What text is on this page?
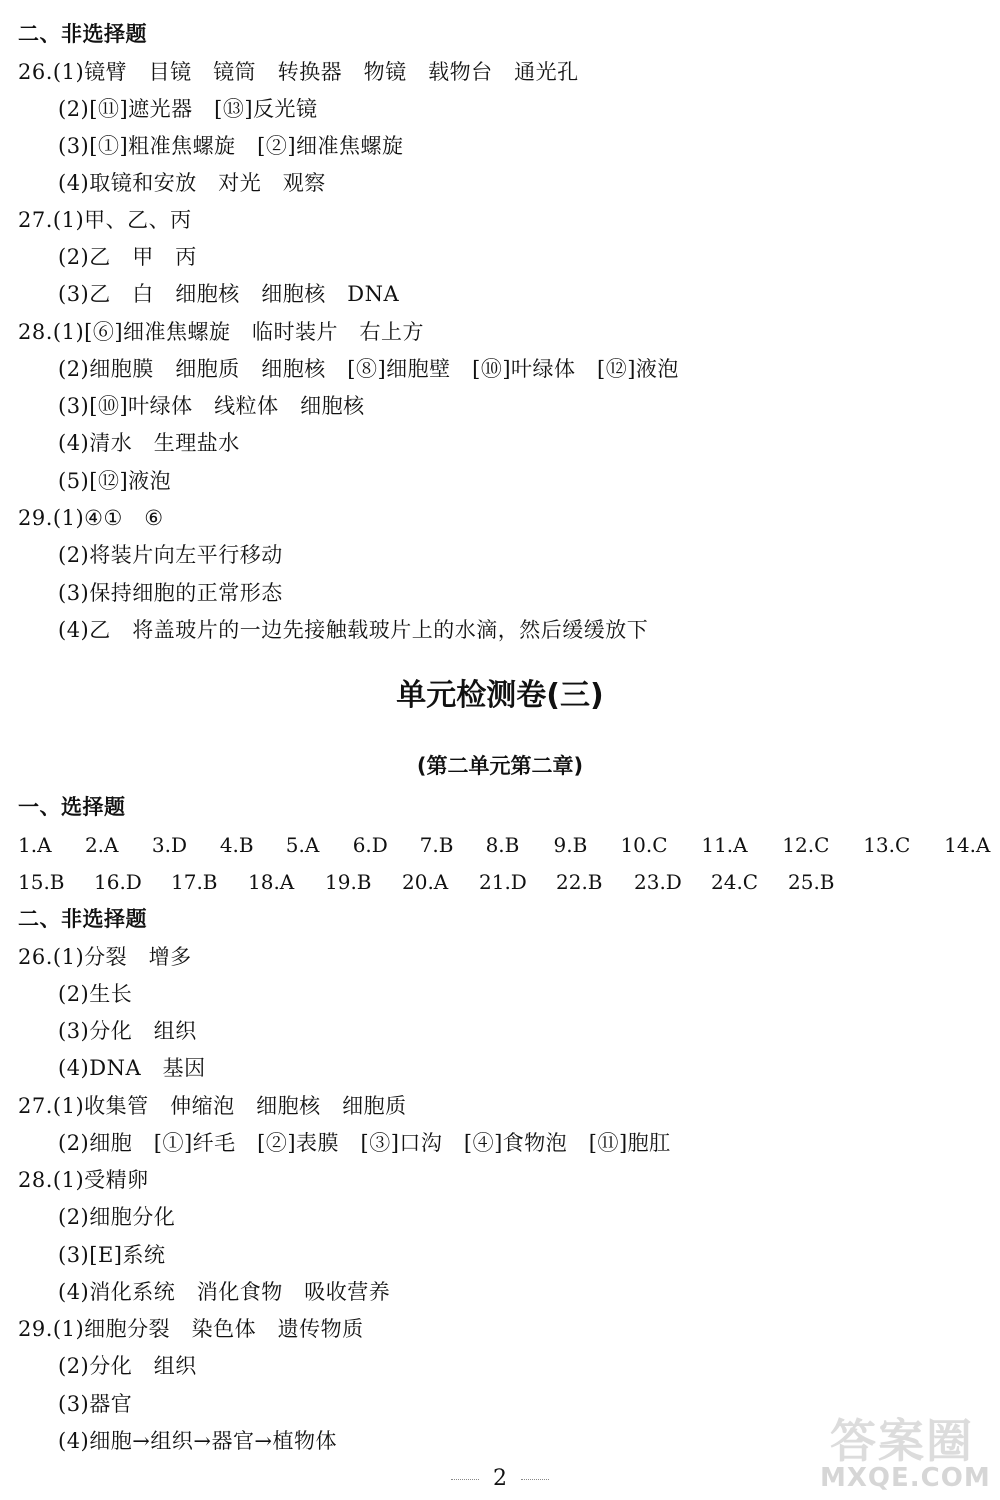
二、非选择题
26.(1)镜臂　目镜　镜筒　转换器　物镜　载物台　通光孔
(2)[⑪]遮光器　[⑬]反光镜
(3)[①]粗准焦螺旋　[②]细准焦螺旋
(4)取镜和安放　对光　观察
27.(1)甲、乙、丙
(2)乙　甲　丙
(3)乙　白　细胞核　细胞核　DNA
28.(1)[⑥]细准焦螺旋　临时装片　右上方
(2)细胞膜　细胞质　细胞核　[⑧]细胞壁　[⑩]叶绿体　[⑫]液泡
(3)[⑩]叶绿体　线粒体　细胞核
(4)清水　生理盐水
(5)[⑫]液泡
29.(1)④①　⑥
(2)将装片向左平行移动
(3)保持细胞的正常形态
(4)乙　将盖玻片的一边先接触载玻片上的水滴，然后缓缓放下
单元检测卷(三)
(第二单元第二章)
一、选择题
1.A	2.A	3.D	4.B	5.A	6.D	7.B	8.B	9.B	10.C	11.A	12.C	13.C	14.A
15.B	16.D	17.B	18.A	19.B	20.A	21.D	22.B	23.D	24.C	25.B
二、非选择题
26.(1)分裂　增多
(2)生长
(3)分化　组织
(4)DNA　基因
27.(1)收集管　伸缩泡　细胞核　细胞质
(2)细胞　[①]纤毛　[②]表膜　[③]口沟　[④]食物泡　[⑪]胞肛
28.(1)受精卵
(2)细胞分化
(3)[E]系统
(4)消化系统　消化食物　吸收营养
29.(1)细胞分裂　染色体　遗传物质
(2)分化　组织
(3)器官
(4)细胞→组织→器官→植物体
2
答案圈
MXQE.COM
